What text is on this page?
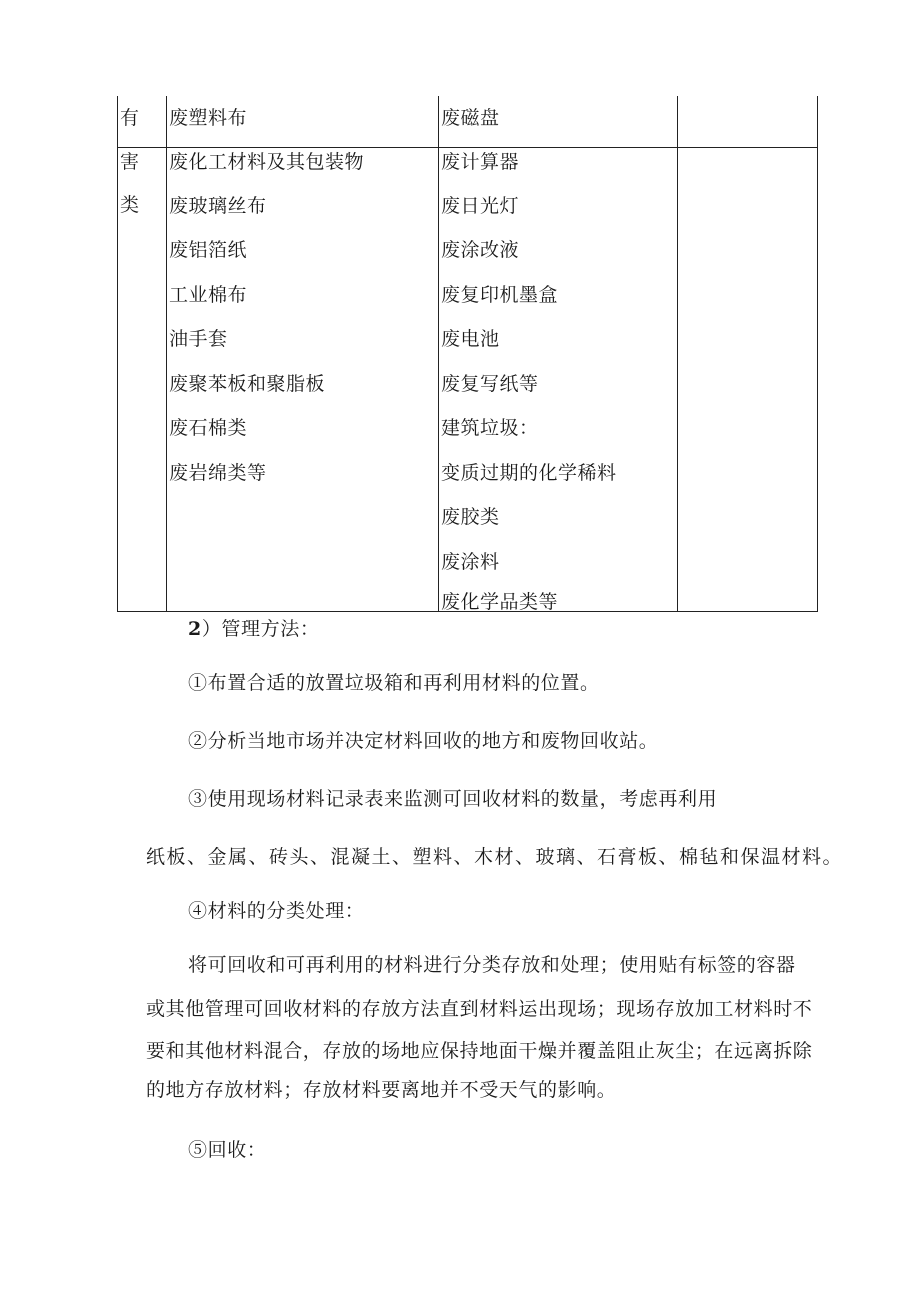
有
害
类
废塑料布
废化工材料及其包装物
废玻璃丝布
废铝箔纸
工业棉布
油手套
废聚苯板和聚脂板
废石棉类
废岩绵类等
废磁盘
废计算器
废日光灯
废涂改液
废复印机墨盒
废电池
废复写纸等
建筑垃圾：
变质过期的化学稀料
废胶类
废涂料
废化学品类等
2）管理方法：
①布置合适的放置垃圾箱和再利用材料的位置。
②分析当地市场并决定材料回收的地方和废物回收站。
③使用现场材料记录表来监测可回收材料的数量，考虑再利用
纸板、金属、砖头、混凝土、塑料、木材、玻璃、石膏板、棉毡和保温材料。
④材料的分类处理：
将可回收和可再利用的材料进行分类存放和处理；使用贴有标签的容器
或其他管理可回收材料的存放方法直到材料运出现场；现场存放加工材料时不
要和其他材料混合，存放的场地应保持地面干燥并覆盖阻止灰尘；在远离拆除
的地方存放材料；存放材料要离地并不受天气的影响。
⑤回收：
